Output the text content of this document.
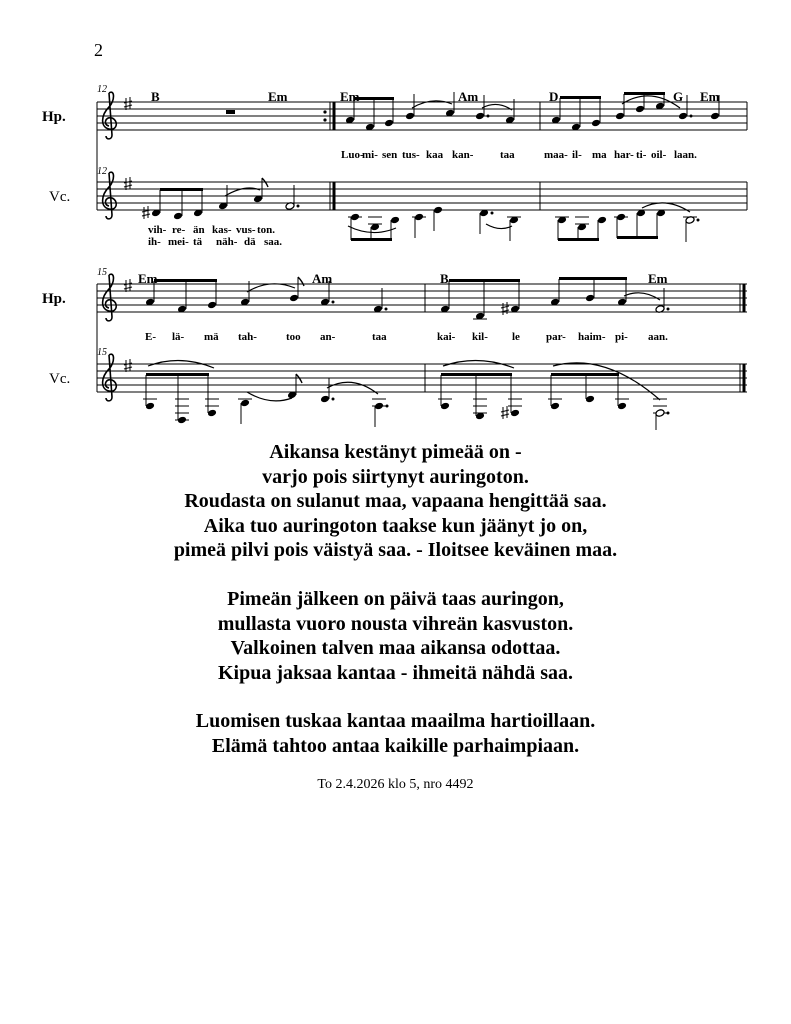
2
12
12
15
15
Hp.
Vc.
Hp.
Vc.
B	Em	Em	Am	D	G Em
Em	Am	B	Em
Luo-
mi- sen tus- kaa kan- taa	maa- il- ma har- ti- oil- laan.
vih- re- än kas- vus- ton.
ih- mei- tä näh- dä saa.
E- lä- mä tah-	too an-	taa	kai- kil- le par- haim- pi- aan.
Aikansa kestänyt pimeää on -
varjo pois siirtynyt auringoton.
Roudasta on sulanut maa, vapaana hengittää saa.
Aika tuo auringoton taakse kun jäänyt jo on,
pimeä pilvi pois väistyä saa. - Iloitsee keväinen maa.
Pimeän jälkeen on päivä taas auringon,
mullasta vuoro nousta vihreän kasvuston.
Valkoinen talven maa aikansa odottaa.
Kipua jaksaa kantaa - ihmeitä nähdä saa.
Luomisen tuskaa kantaa maailma hartioillaan.
Elämä tahtoo antaa kaikille parhaimpiaan.
To 2.4.2026 klo 5, nro 4492
